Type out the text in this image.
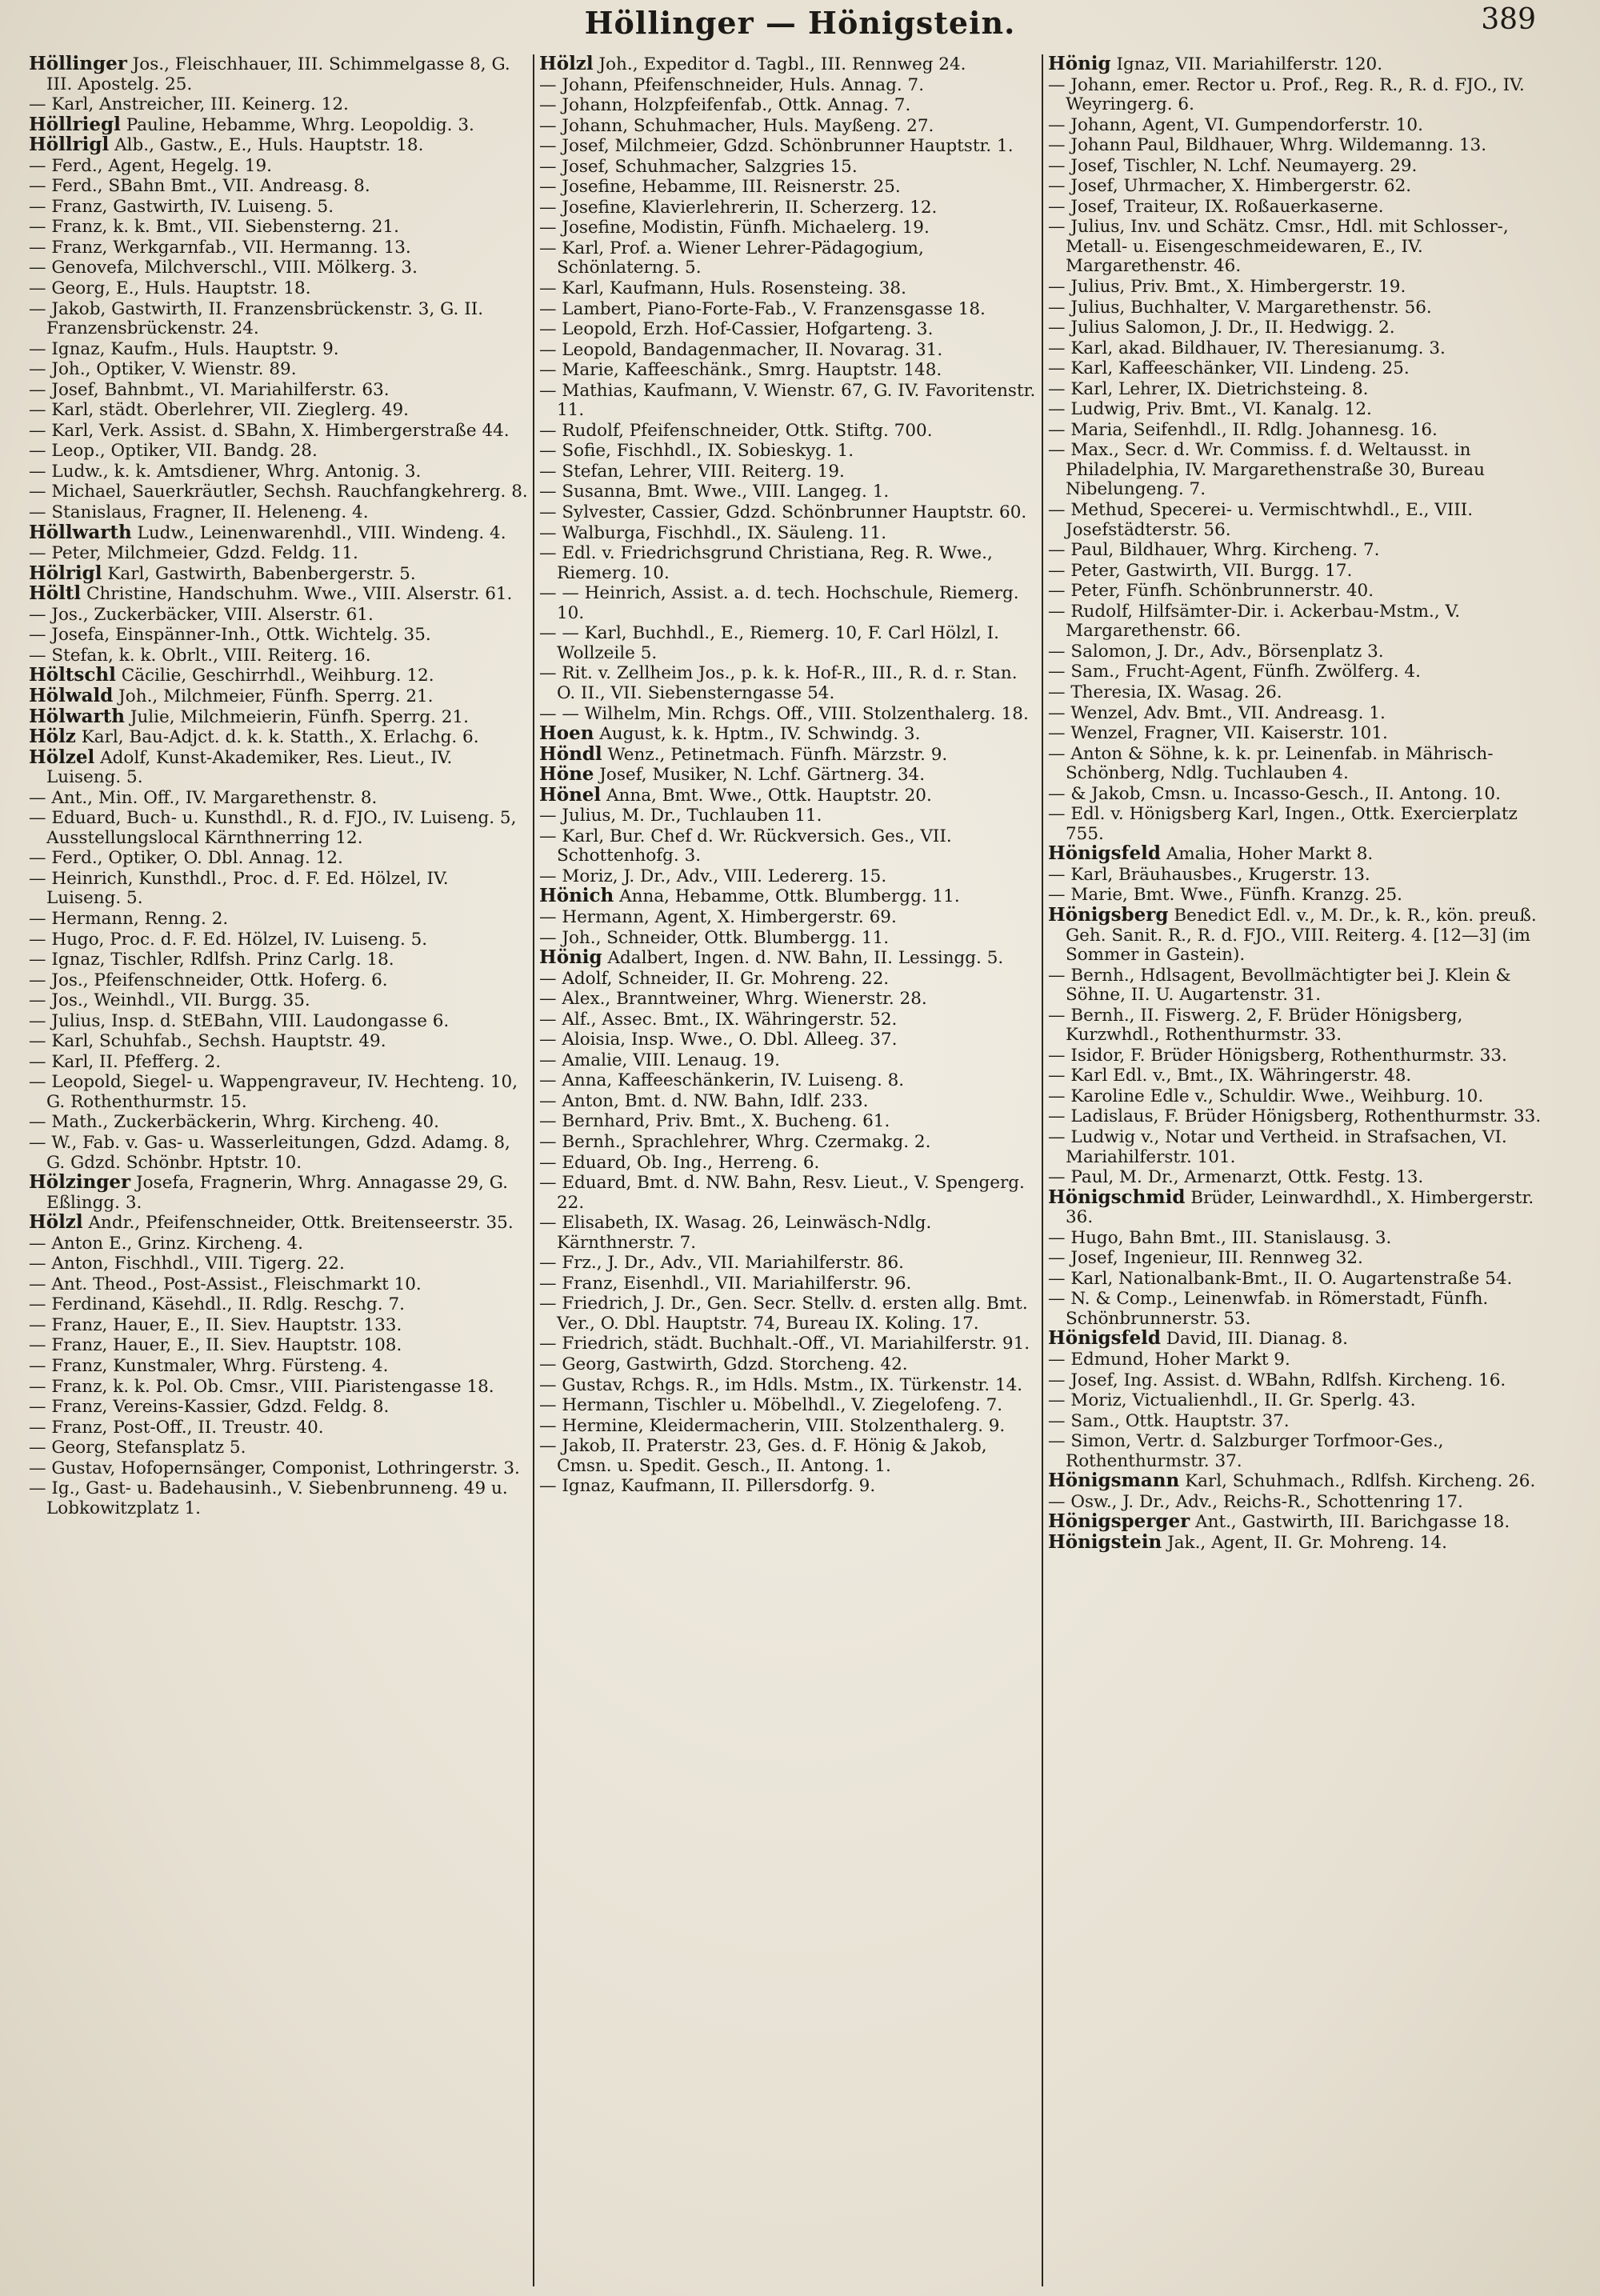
Höllinger — Hönigstein.	389
Höllinger Jos., Fleischhauer, III. Schimmelgasse 8, G. III. Apostelg. 25.
— Karl, Anstreicher, III. Keinerg. 12.
Höllriegl Pauline, Hebamme, Whrg. Leopoldig. 3.
Höllrigl Alb., Gastw., E., Huls. Hauptstr. 18.
— Ferd., Agent, Hegelg. 19.
— Ferd., SBahn Bmt., VII. Andreasg. 8.
— Franz, Gastwirth, IV. Luiseng. 5.
— Franz, k. k. Bmt., VII. Siebensterng. 21.
— Franz, Werkgarnfab., VII. Hermanng. 13.
— Genovefa, Milchverschl., VIII. Mölkerg. 3.
— Georg, E., Huls. Hauptstr. 18.
— Jakob, Gastwirth, II. Franzensbrückenstr. 3, G. II. Franzensbrückenstr. 24.
— Ignaz, Kaufm., Huls. Hauptstr. 9.
— Joh., Optiker, V. Wienstr. 89.
— Josef, Bahnbmt., VI. Mariahilferstr. 63.
— Karl, städt. Oberlehrer, VII. Zieglerg. 49.
— Karl, Verk. Assist. d. SBahn, X. Himbergerstraße 44.
— Leop., Optiker, VII. Bandg. 28.
— Ludw., k. k. Amtsdiener, Whrg. Antonig. 3.
— Michael, Sauerkräutler, Sechsh. Rauchfangkehrerg. 8.
— Stanislaus, Fragner, II. Heleneng. 4.
Höllwarth Ludw., Leinenwarenhdl., VIII. Windeng. 4.
— Peter, Milchmeier, Gdzd. Feldg. 11.
Hölrigl Karl, Gastwirth, Babenbergerstr. 5.
Höltl Christine, Handschuhm. Wwe., VIII. Alserstr. 61.
— Jos., Zuckerbäcker, VIII. Alserstr. 61.
— Josefa, Einspänner-Inh., Ottk. Wichtelg. 35.
— Stefan, k. k. Obrlt., VIII. Reiterg. 16.
Höltschl Cäcilie, Geschirrhdl., Weihburg. 12.
Hölwald Joh., Milchmeier, Fünfh. Sperrg. 21.
Hölwarth Julie, Milchmeierin, Fünfh. Sperrg. 21.
Hölz Karl, Bau-Adjct. d. k. k. Statth., X. Erlachg. 6.
Hölzel Adolf, Kunst-Akademiker, Res. Lieut., IV. Luiseng. 5.
— Ant., Min. Off., IV. Margarethenstr. 8.
— Eduard, Buch- u. Kunsthdl., R. d. FJO., IV. Luiseng. 5, Ausstellungslocal Kärnthnerring 12.
— Ferd., Optiker, O. Dbl. Annag. 12.
— Heinrich, Kunsthdl., Proc. d. F. Ed. Hölzel, IV. Luiseng. 5.
— Hermann, Renng. 2.
— Hugo, Proc. d. F. Ed. Hölzel, IV. Luiseng. 5.
— Ignaz, Tischler, Rdlfsh. Prinz Carlg. 18.
— Jos., Pfeifenschneider, Ottk. Hoferg. 6.
— Jos., Weinhdl., VII. Burgg. 35.
— Julius, Insp. d. StEBahn, VIII. Laudongasse 6.
— Karl, Schuhfab., Sechsh. Hauptstr. 49.
— Karl, II. Pfefferg. 2.
— Leopold, Siegel- u. Wappengraveur, IV. Hechteng. 10, G. Rothenthurmstr. 15.
— Math., Zuckerbäckerin, Whrg. Kircheng. 40.
— W., Fab. v. Gas- u. Wasserleitungen, Gdzd. Adamg. 8, G. Gdzd. Schönbr. Hptstr. 10.
Hölzinger Josefa, Fragnerin, Whrg. Annagasse 29, G. Eßlingg. 3.
Hölzl Andr., Pfeifenschneider, Ottk. Breitenseerstr. 35.
— Anton E., Grinz. Kircheng. 4.
— Anton, Fischhdl., VIII. Tigerg. 22.
— Ant. Theod., Post-Assist., Fleischmarkt 10.
— Ferdinand, Käsehdl., II. Rdlg. Reschg. 7.
— Franz, Hauer, E., II. Siev. Hauptstr. 133.
— Franz, Hauer, E., II. Siev. Hauptstr. 108.
— Franz, Kunstmaler, Whrg. Fürsteng. 4.
— Franz, k. k. Pol. Ob. Cmsr., VIII. Piaristengasse 18.
— Franz, Vereins-Kassier, Gdzd. Feldg. 8.
— Franz, Post-Off., II. Treustr. 40.
— Georg, Stefansplatz 5.
— Gustav, Hofopernsänger, Componist, Lothringerstr. 3.
— Ig., Gast- u. Badehausinh., V. Siebenbrunneng. 49 u. Lobkowitzplatz 1.
Hölzl Joh., Expeditor d. Tagbl., III. Rennweg 24.
— Johann, Pfeifenschneider, Huls. Annag. 7.
— Johann, Holzpfeifenfab., Ottk. Annag. 7.
— Johann, Schuhmacher, Huls. Mayßeng. 27.
— Josef, Milchmeier, Gdzd. Schönbrunner Hauptstr. 1.
— Josef, Schuhmacher, Salzgries 15.
— Josefine, Hebamme, III. Reisnerstr. 25.
— Josefine, Klavierlehrerin, II. Scherzerg. 12.
— Josefine, Modistin, Fünfh. Michaelerg. 19.
— Karl, Prof. a. Wiener Lehrer-Pädagogium, Schönlaterng. 5.
— Karl, Kaufmann, Huls. Rosensteing. 38.
— Lambert, Piano-Forte-Fab., V. Franzensgasse 18.
— Leopold, Erzh. Hof-Cassier, Hofgarteng. 3.
— Leopold, Bandagenmacher, II. Novarag. 31.
— Marie, Kaffeeschänk., Smrg. Hauptstr. 148.
— Mathias, Kaufmann, V. Wienstr. 67, G. IV. Favoritenstr. 11.
— Rudolf, Pfeifenschneider, Ottk. Stiftg. 700.
— Sofie, Fischhdl., IX. Sobieskyg. 1.
— Stefan, Lehrer, VIII. Reiterg. 19.
— Susanna, Bmt. Wwe., VIII. Langeg. 1.
— Sylvester, Cassier, Gdzd. Schönbrunner Hauptstr. 60.
— Walburga, Fischhdl., IX. Säuleng. 11.
— Edl. v. Friedrichsgrund Christiana, Reg. R. Wwe., Riemerg. 10.
— — Heinrich, Assist. a. d. tech. Hochschule, Riemerg. 10.
— — Karl, Buchhdl., E., Riemerg. 10, F. Carl Hölzl, I. Wollzeile 5.
— Rit. v. Zellheim Jos., p. k. k. Hof-R., III., R. d. r. Stan. O. II., VII. Siebensterngasse 54.
— — Wilhelm, Min. Rchgs. Off., VIII. Stolzenthalerg. 18.
Hoen August, k. k. Hptm., IV. Schwindg. 3.
Höndl Wenz., Petinetmach. Fünfh. Märzstr. 9.
Höne Josef, Musiker, N. Lchf. Gärtnerg. 34.
Hönel Anna, Bmt. Wwe., Ottk. Hauptstr. 20.
— Julius, M. Dr., Tuchlauben 11.
— Karl, Bur. Chef d. Wr. Rückversich. Ges., VII. Schottenhofg. 3.
— Moriz, J. Dr., Adv., VIII. Ledererg. 15.
Hönich Anna, Hebamme, Ottk. Blumbergg. 11.
— Hermann, Agent, X. Himbergerstr. 69.
— Joh., Schneider, Ottk. Blumbergg. 11.
Hönig Adalbert, Ingen. d. NW. Bahn, II. Lessingg. 5.
— Adolf, Schneider, II. Gr. Mohreng. 22.
— Alex., Branntweiner, Whrg. Wienerstr. 28.
— Alf., Assec. Bmt., IX. Währingerstr. 52.
— Aloisia, Insp. Wwe., O. Dbl. Alleeg. 37.
— Amalie, VIII. Lenaug. 19.
— Anna, Kaffeeschänkerin, IV. Luiseng. 8.
— Anton, Bmt. d. NW. Bahn, Idlf. 233.
— Bernhard, Priv. Bmt., X. Bucheng. 61.
— Bernh., Sprachlehrer, Whrg. Czermakg. 2.
— Eduard, Ob. Ing., Herreng. 6.
— Eduard, Bmt. d. NW. Bahn, Resv. Lieut., V. Spengerg. 22.
— Elisabeth, IX. Wasag. 26, Leinwäsch-Ndlg. Kärnthnerstr. 7.
— Frz., J. Dr., Adv., VII. Mariahilferstr. 86.
— Franz, Eisenhdl., VII. Mariahilferstr. 96.
— Friedrich, J. Dr., Gen. Secr. Stellv. d. ersten allg. Bmt. Ver., O. Dbl. Hauptstr. 74, Bureau IX. Koling. 17.
— Friedrich, städt. Buchhalt.-Off., VI. Mariahilferstr. 91.
— Georg, Gastwirth, Gdzd. Storcheng. 42.
— Gustav, Rchgs. R., im Hdls. Mstm., IX. Türkenstr. 14.
— Hermann, Tischler u. Möbelhdl., V. Ziegelofeng. 7.
— Hermine, Kleidermacherin, VIII. Stolzenthalerg. 9.
— Jakob, II. Praterstr. 23, Ges. d. F. Hönig & Jakob, Cmsn. u. Spedit. Gesch., II. Antong. 1.
— Ignaz, Kaufmann, II. Pillersdorfg. 9.
Hönig Ignaz, VII. Mariahilferstr. 120.
— Johann, emer. Rector u. Prof., Reg. R., R. d. FJO., IV. Weyringerg. 6.
— Johann, Agent, VI. Gumpendorferstr. 10.
— Johann Paul, Bildhauer, Whrg. Wildemanng. 13.
— Josef, Tischler, N. Lchf. Neumayerg. 29.
— Josef, Uhrmacher, X. Himbergerstr. 62.
— Josef, Traiteur, IX. Roßauerkaserne.
— Julius, Inv. und Schätz. Cmsr., Hdl. mit Schlosser-, Metall- u. Eisengeschmeidewaren, E., IV. Margarethenstr. 46.
— Julius, Priv. Bmt., X. Himbergerstr. 19.
— Julius, Buchhalter, V. Margarethenstr. 56.
— Julius Salomon, J. Dr., II. Hedwigg. 2.
— Karl, akad. Bildhauer, IV. Theresianumg. 3.
— Karl, Kaffeeschänker, VII. Lindeng. 25.
— Karl, Lehrer, IX. Dietrichsteing. 8.
— Ludwig, Priv. Bmt., VI. Kanalg. 12.
— Maria, Seifenhdl., II. Rdlg. Johannesg. 16.
— Max., Secr. d. Wr. Commiss. f. d. Weltausst. in Philadelphia, IV. Margarethenstraße 30, Bureau Nibelungeng. 7.
— Methud, Specerei- u. Vermischtwhdl., E., VIII. Josefstädterstr. 56.
— Paul, Bildhauer, Whrg. Kircheng. 7.
— Peter, Gastwirth, VII. Burgg. 17.
— Peter, Fünfh. Schönbrunnerstr. 40.
— Rudolf, Hilfsämter-Dir. i. Ackerbau-Mstm., V. Margarethenstr. 66.
— Salomon, J. Dr., Adv., Börsenplatz 3.
— Sam., Frucht-Agent, Fünfh. Zwölferg. 4.
— Theresia, IX. Wasag. 26.
— Wenzel, Adv. Bmt., VII. Andreasg. 1.
— Wenzel, Fragner, VII. Kaiserstr. 101.
— Anton & Söhne, k. k. pr. Leinenfab. in Mährisch-Schönberg, Ndlg. Tuchlauben 4.
— & Jakob, Cmsn. u. Incasso-Gesch., II. Antong. 10.
— Edl. v. Hönigsberg Karl, Ingen., Ottk. Exercierplatz 755.
Hönigsfeld Amalia, Hoher Markt 8.
— Karl, Bräuhausbes., Krugerstr. 13.
— Marie, Bmt. Wwe., Fünfh. Kranzg. 25.
Hönigsberg Benedict Edl. v., M. Dr., k. R., kön. preuß. Geh. Sanit. R., R. d. FJO., VIII. Reiterg. 4. [12—3] (im Sommer in Gastein).
— Bernh., Hdlsagent, Bevollmächtigter bei J. Klein & Söhne, II. U. Augartenstr. 31.
— Bernh., II. Fiswerg. 2, F. Brüder Hönigsberg, Kurzwhdl., Rothenthurmstr. 33.
— Isidor, F. Brüder Hönigsberg, Rothenthurmstr. 33.
— Karl Edl. v., Bmt., IX. Währingerstr. 48.
— Karoline Edle v., Schuldir. Wwe., Weihburg. 10.
— Ladislaus, F. Brüder Hönigsberg, Rothenthurmstr. 33.
— Ludwig v., Notar und Vertheid. in Strafsachen, VI. Mariahilferstr. 101.
— Paul, M. Dr., Armenarzt, Ottk. Festg. 13.
Hönigschmid Brüder, Leinwardhdl., X. Himbergerstr. 36.
— Hugo, Bahn Bmt., III. Stanislausg. 3.
— Josef, Ingenieur, III. Rennweg 32.
— Karl, Nationalbank-Bmt., II. O. Augartenstraße 54.
— N. & Comp., Leinenwfab. in Römerstadt, Fünfh. Schönbrunnerstr. 53.
Hönigsfeld David, III. Dianag. 8.
— Edmund, Hoher Markt 9.
— Josef, Ing. Assist. d. WBahn, Rdlfsh. Kircheng. 16.
— Moriz, Victualienhdl., II. Gr. Sperlg. 43.
— Sam., Ottk. Hauptstr. 37.
— Simon, Vertr. d. Salzburger Torfmoor-Ges., Rothenthurmstr. 37.
Hönigsmann Karl, Schuhmach., Rdlfsh. Kircheng. 26.
— Osw., J. Dr., Adv., Reichs-R., Schottenring 17.
Hönigsperger Ant., Gastwirth, III. Barichgasse 18.
Hönigstein Jak., Agent, II. Gr. Mohreng. 14.
